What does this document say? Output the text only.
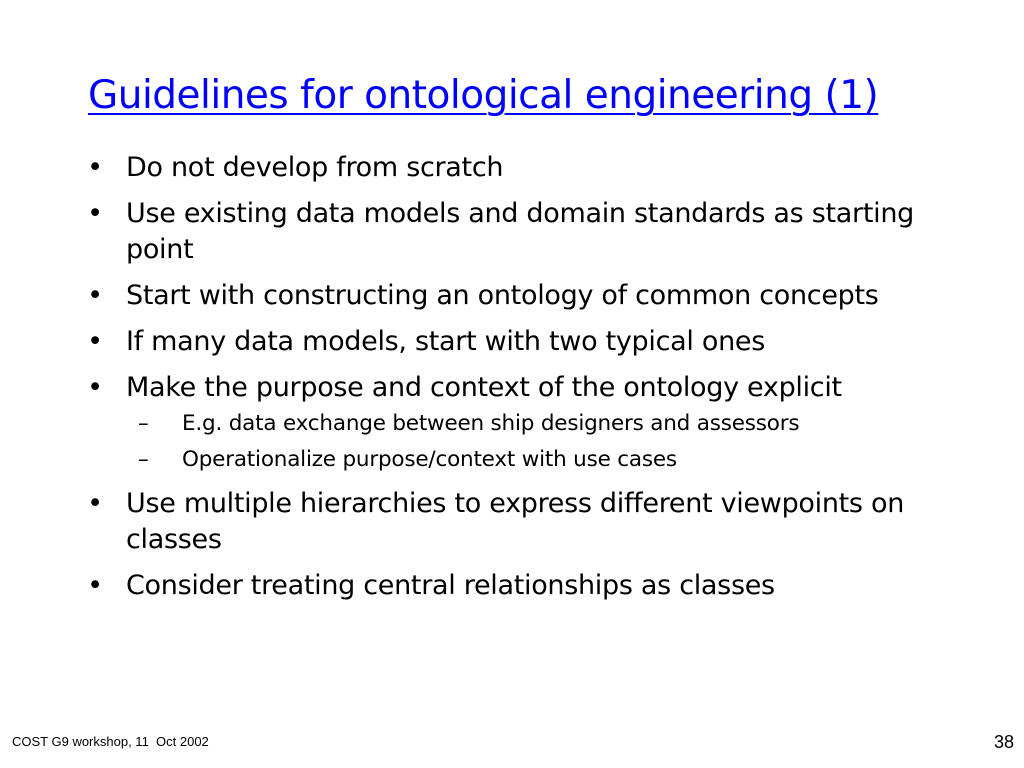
Guidelines for ontological engineering (1)
• Do not develop from scratch
• Use existing data models and domain standards as starting point
• Start with constructing an ontology of common concepts
• If many data models, start with two typical ones
• Make the purpose and context of the ontology explicit
– E.g. data exchange between ship designers and assessors
– Operationalize purpose/context with use cases
• Use multiple hierarchies to express different viewpoints on classes
• Consider treating central relationships as classes
COST G9 workshop, 11  Oct 2002	38
